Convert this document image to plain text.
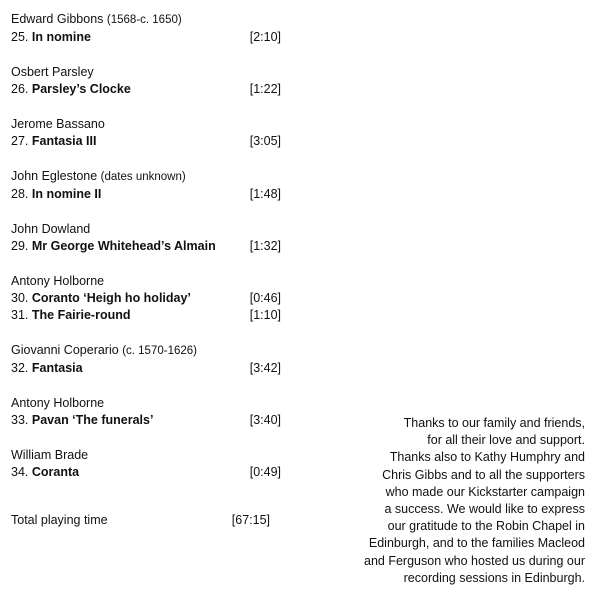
Edward Gibbons (1568-c. 1650)
25. In nomine	[2:10]
Osbert Parsley
26. Parsley’s Clocke	[1:22]
Jerome Bassano
27. Fantasia III	[3:05]
John Eglestone (dates unknown)
28. In nomine II	[1:48]
John Dowland
29. Mr George Whitehead’s Almain	[1:32]
Antony Holborne
30. Coranto ‘Heigh ho holiday’	[0:46]
31. The Fairie-round	[1:10]
Giovanni Coperario (c. 1570-1626)
32. Fantasia	[3:42]
Antony Holborne
33. Pavan ‘The funerals’	[3:40]
William Brade
34. Coranta	[0:49]
Total playing time	[67:15]
Thanks to our family and friends,
for all their love and support.
Thanks also to Kathy Humphry and
Chris Gibbs and to all the supporters
who made our Kickstarter campaign
a success. We would like to express
our gratitude to the Robin Chapel in
Edinburgh, and to the families Macleod
and Ferguson who hosted us during our
recording sessions in Edinburgh.
